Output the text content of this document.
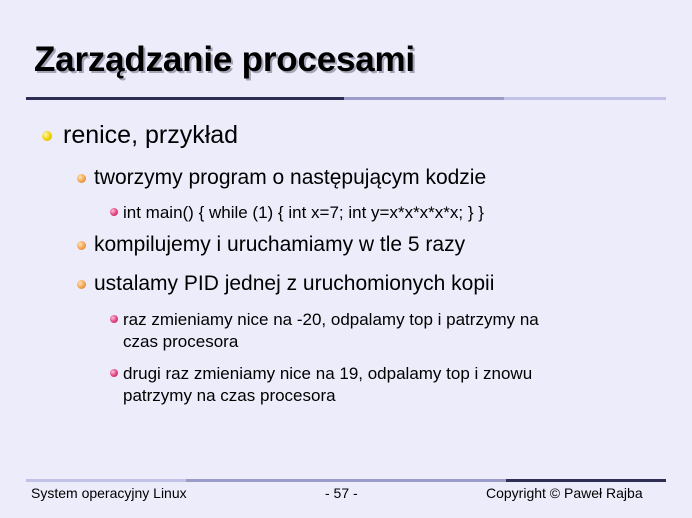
Zarządzanie procesami
renice, przykład
tworzymy program o następującym kodzie
int main() { while (1) { int x=7; int y=x*x*x*x*x; } }
kompilujemy i uruchamiamy w tle 5 razy
ustalamy PID jednej z uruchomionych kopii
raz zmieniamy nice na -20, odpalamy top i patrzymy na
czas procesora
drugi raz zmieniamy nice na 19, odpalamy top i znowu
patrzymy na czas procesora
System operacyjny Linux	- 57 -	Copyright © Paweł Rajba
